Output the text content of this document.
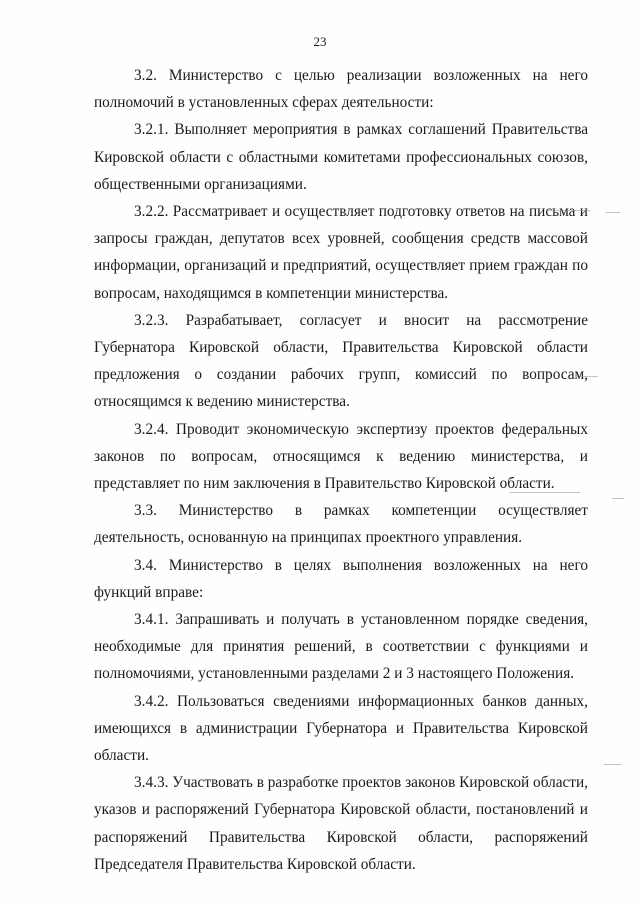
23

3.2. Министерство с целью реализации возложенных на него полномочий в установленных сферах деятельности:

3.2.1. Выполняет мероприятия в рамках соглашений Правительства Кировской области с областными комитетами профессиональных союзов, общественными организациями.

3.2.2. Рассматривает и осуществляет подготовку ответов на письма и запросы граждан, депутатов всех уровней, сообщения средств массовой информации, организаций и предприятий, осуществляет прием граждан по вопросам, находящимся в компетенции министерства.

3.2.3. Разрабатывает, согласует и вносит на рассмотрение Губернатора Кировской области, Правительства Кировской области предложения о создании рабочих групп, комиссий по вопросам, относящимся к ведению министерства.

3.2.4. Проводит экономическую экспертизу проектов федеральных законов по вопросам, относящимся к ведению министерства, и представляет по ним заключения в Правительство Кировской области.

3.3. Министерство в рамках компетенции осуществляет деятельность, основанную на принципах проектного управления.

3.4. Министерство в целях выполнения возложенных на него функций вправе:

3.4.1. Запрашивать и получать в установленном порядке сведения, необходимые для принятия решений, в соответствии с функциями и полномочиями, установленными разделами 2 и 3 настоящего Положения.

3.4.2. Пользоваться сведениями информационных банков данных, имеющихся в администрации Губернатора и Правительства Кировской области.

3.4.3. Участвовать в разработке проектов законов Кировской области, указов и распоряжений Губернатора Кировской области, постановлений и распоряжений Правительства Кировской области, распоряжений Председателя Правительства Кировской области.
